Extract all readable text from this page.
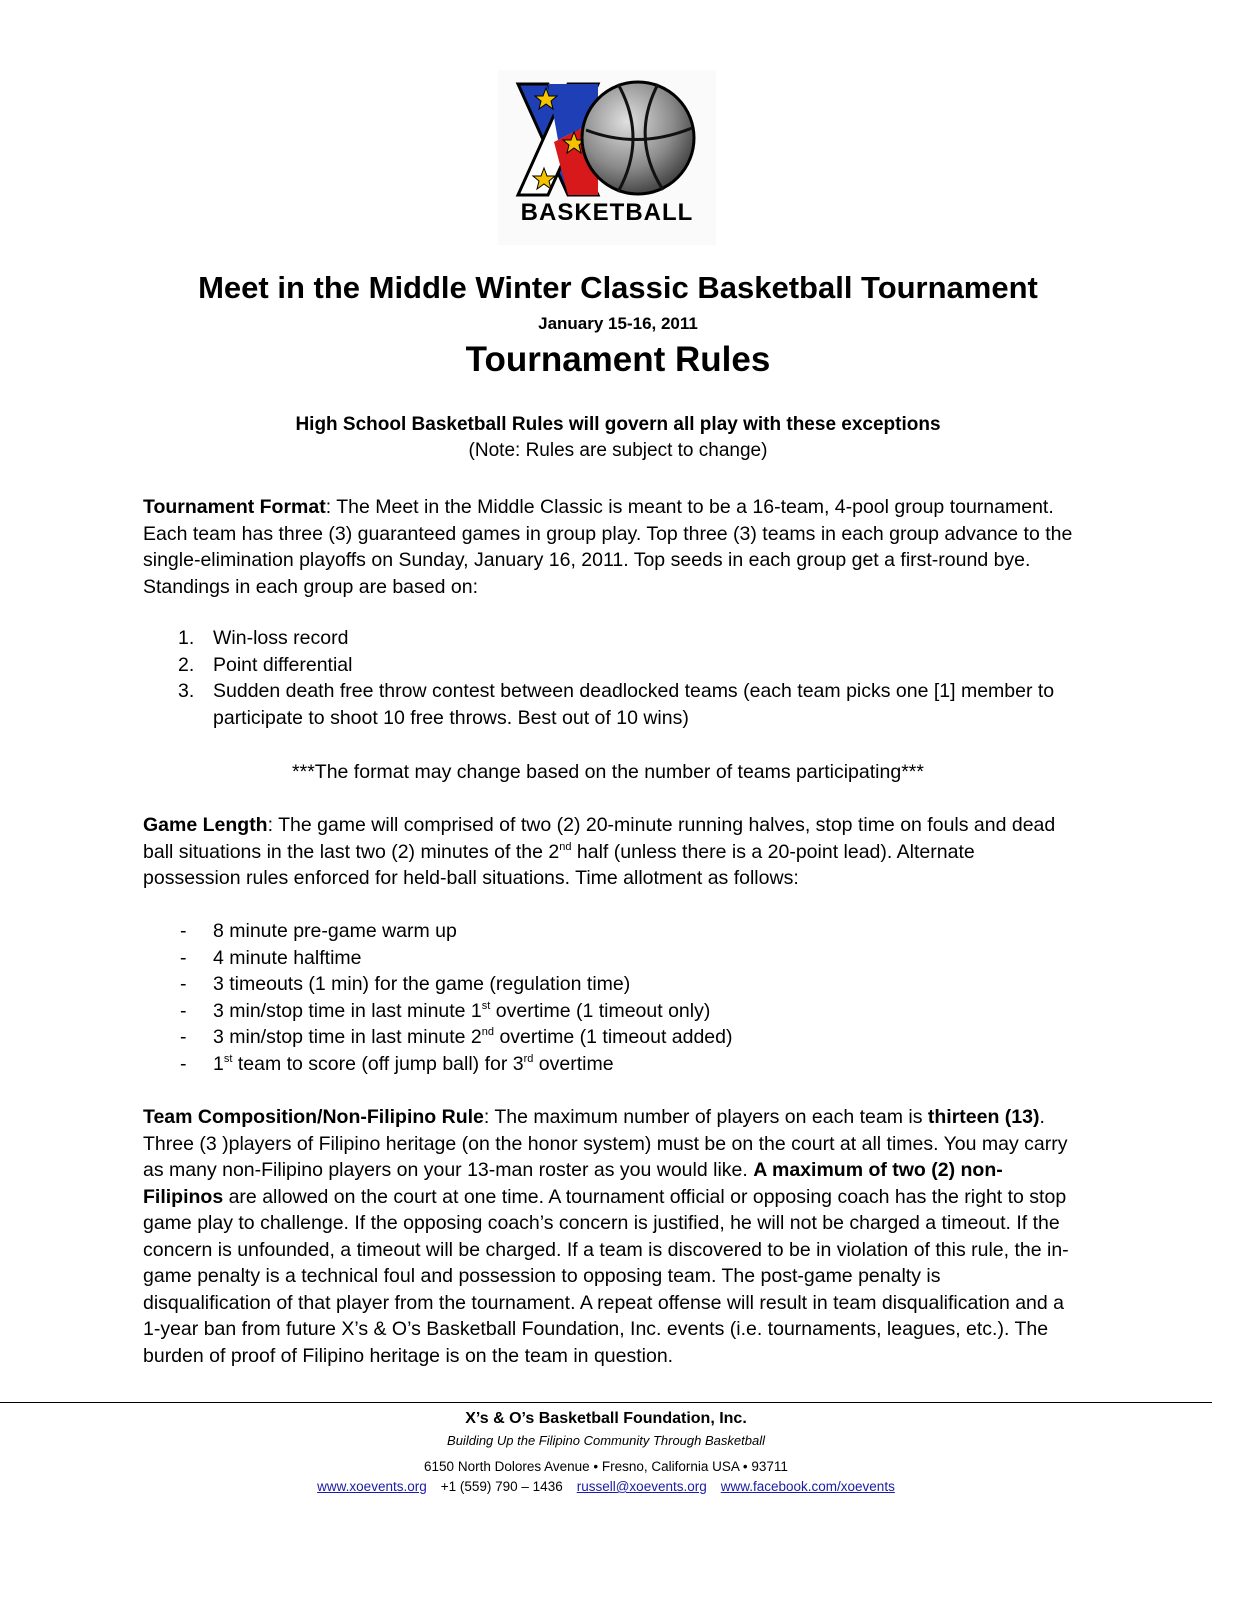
BASKETBALL
Meet in the Middle Winter Classic Basketball Tournament
January 15-16, 2011
Tournament Rules
High School Basketball Rules will govern all play with these exceptions
(Note: Rules are subject to change)

Tournament Format: The Meet in the Middle Classic is meant to be a 16-team, 4-pool group tournament. Each team has three (3) guaranteed games in group play. Top three (3) teams in each group advance to the single-elimination playoffs on Sunday, January 16, 2011. Top seeds in each group get a first-round bye. Standings in each group are based on:

1. Win-loss record
2. Point differential
3. Sudden death free throw contest between deadlocked teams (each team picks one [1] member to participate to shoot 10 free throws. Best out of 10 wins)
***The format may change based on the number of teams participating***

Game Length: The game will comprised of two (2) 20-minute running halves, stop time on fouls and dead ball situations in the last two (2) minutes of the 2nd half (unless there is a 20-point lead). Alternate possession rules enforced for held-ball situations. Time allotment as follows:

- 8 minute pre-game warm up
- 4 minute halftime
- 3 timeouts (1 min) for the game (regulation time)
- 3 min/stop time in last minute 1st overtime (1 timeout only)
- 3 min/stop time in last minute 2nd overtime (1 timeout added)
- 1st team to score (off jump ball) for 3rd overtime

Team Composition/Non-Filipino Rule: The maximum number of players on each team is thirteen (13). Three (3 )players of Filipino heritage (on the honor system) must be on the court at all times. You may carry as many non-Filipino players on your 13-man roster as you would like. A maximum of two (2) non-Filipinos are allowed on the court at one time. A tournament official or opposing coach has the right to stop game play to challenge. If the opposing coach’s concern is justified, he will not be charged a timeout. If the concern is unfounded, a timeout will be charged. If a team is discovered to be in violation of this rule, the in-game penalty is a technical foul and possession to opposing team. The post-game penalty is disqualification of that player from the tournament. A repeat offense will result in team disqualification and a 1-year ban from future X’s & O’s Basketball Foundation, Inc. events (i.e. tournaments, leagues, etc.). The burden of proof of Filipino heritage is on the team in question.

X’s & O’s Basketball Foundation, Inc.
Building Up the Filipino Community Through Basketball
6150 North Dolores Avenue • Fresno, California USA • 93711
www.xoevents.org +1 (559) 790 – 1436 russell@xoevents.org www.facebook.com/xoevents
